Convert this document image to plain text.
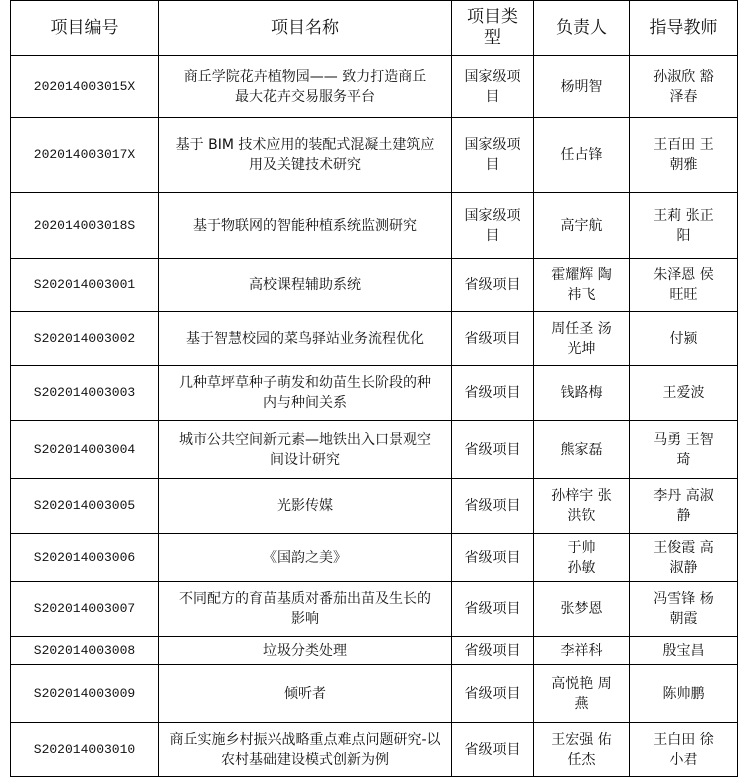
项目编号	项目名称	项目类型	负责人	指导教师
202014003015X	商丘学院花卉植物园—— 致力打造商丘最大花卉交易服务平台	国家级项目	杨明智	孙淑欣 豁泽春
202014003017X	基于 BIM 技术应用的装配式混凝土建筑应用及关键技术研究	国家级项目	任占锋	王百田 王朝雅
202014003018S	基于物联网的智能种植系统监测研究	国家级项目	高宇航	王莉 张正阳
S202014003001	高校课程辅助系统	省级项目	霍耀辉 陶祎飞	朱泽恩 侯旺旺
S202014003002	基于智慧校园的菜鸟驿站业务流程优化	省级项目	周任圣 汤光坤	付颍
S202014003003	几种草坪草种子萌发和幼苗生长阶段的种内与种间关系	省级项目	钱路梅	王爱波
S202014003004	城市公共空间新元素—地铁出入口景观空间设计研究	省级项目	熊家磊	马勇 王智琦
S202014003005	光影传媒	省级项目	孙梓宇 张洪钦	李丹 高淑静
S202014003006	《国韵之美》	省级项目	于帅 孙敏	王俊霞 高淑静
S202014003007	不同配方的育苗基质对番茄出苗及生长的影响	省级项目	张梦恩	冯雪锋 杨朝霞
S202014003008	垃圾分类处理	省级项目	李祥科	殷宝昌
S202014003009	倾听者	省级项目	高悦艳 周燕	陈帅鹏
S202014003010	商丘实施乡村振兴战略重点难点问题研究-以农村基础建设模式创新为例	省级项目	王宏强 佑任杰	王白田 徐小君
